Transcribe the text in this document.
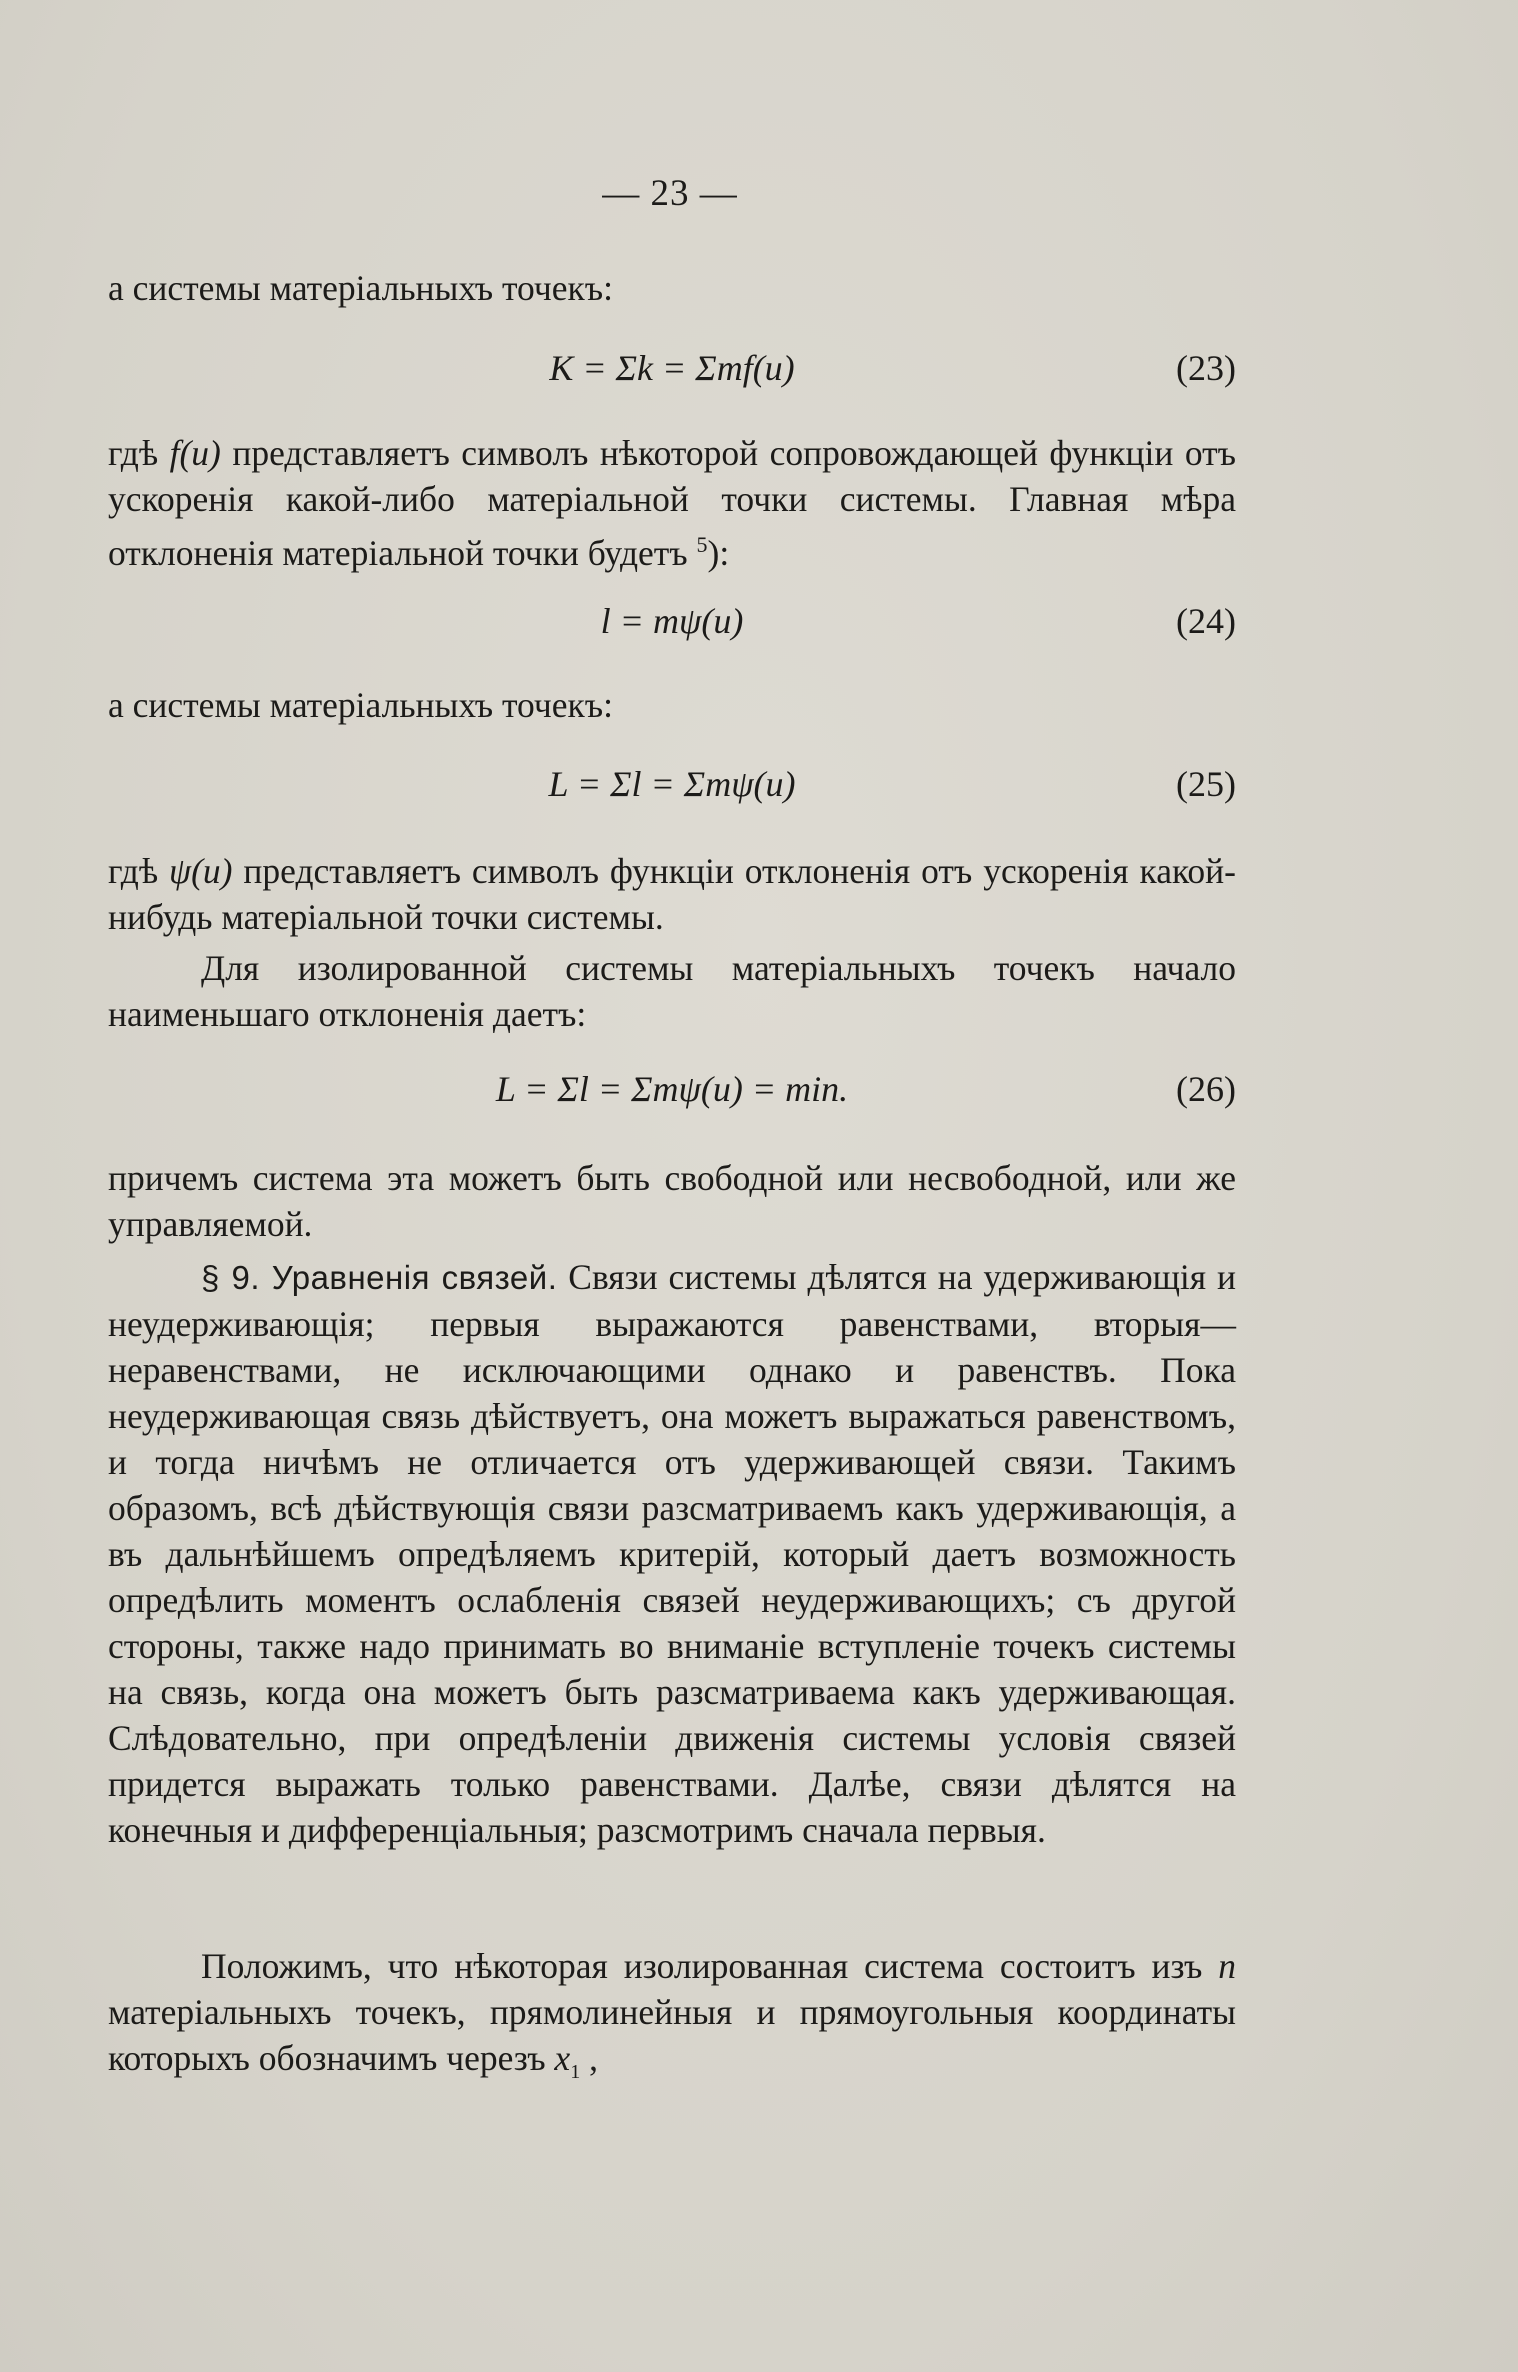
— 23 —

а системы матеріальныхъ точекъ:

K = Σk = Σmf(u)	(23)

гдѣ f(u) представляетъ символъ нѣкоторой сопровождающей функціи отъ ускоренія какой-либо матеріальной точки системы. Главная мѣра отклоненія матеріальной точки будетъ $^5$):

l = mψ(u)	(24)

а системы матеріальныхъ точекъ:

L = Σl = Σmψ(u)	(25)

гдѣ ψ(u) представляетъ символъ функціи отклоненія отъ ускоренія какой-нибудь матеріальной точки системы.

Для изолированной системы матеріальныхъ точекъ начало наименьшаго отклоненія даетъ:

L = Σl = Σmψ(u) = min.	(26)

причемъ система эта можетъ быть свободной или несвободной, или же управляемой.

§ 9. Уравненія связей. Связи системы дѣлятся на удерживающія и неудерживающія; первыя выражаются равенствами, вторыя—неравенствами, не исключающими однако и равенствъ. Пока неудерживающая связь дѣйствуетъ, она можетъ выражаться равенствомъ, и тогда ничѣмъ не отличается отъ удерживающей связи. Такимъ образомъ, всѣ дѣйствующія связи разсматриваемъ какъ удерживающія, а въ дальнѣйшемъ опредѣляемъ критерій, который даетъ возможность опредѣлить моментъ ослабленія связей неудерживающихъ; съ другой стороны, также надо принимать во вниманіе вступленіе точекъ системы на связь, когда она можетъ быть разсматриваема какъ удерживающая. Слѣдовательно, при опредѣленіи движенія системы условія связей придется выражать только равенствами. Далѣе, связи дѣлятся на конечныя и дифференціальныя; разсмотримъ сначала первыя.

Положимъ, что нѣкоторая изолированная система состоитъ изъ n матеріальныхъ точекъ, прямолинейныя и прямоугольныя координаты которыхъ обозначимъ черезъ $x_1$ ,
